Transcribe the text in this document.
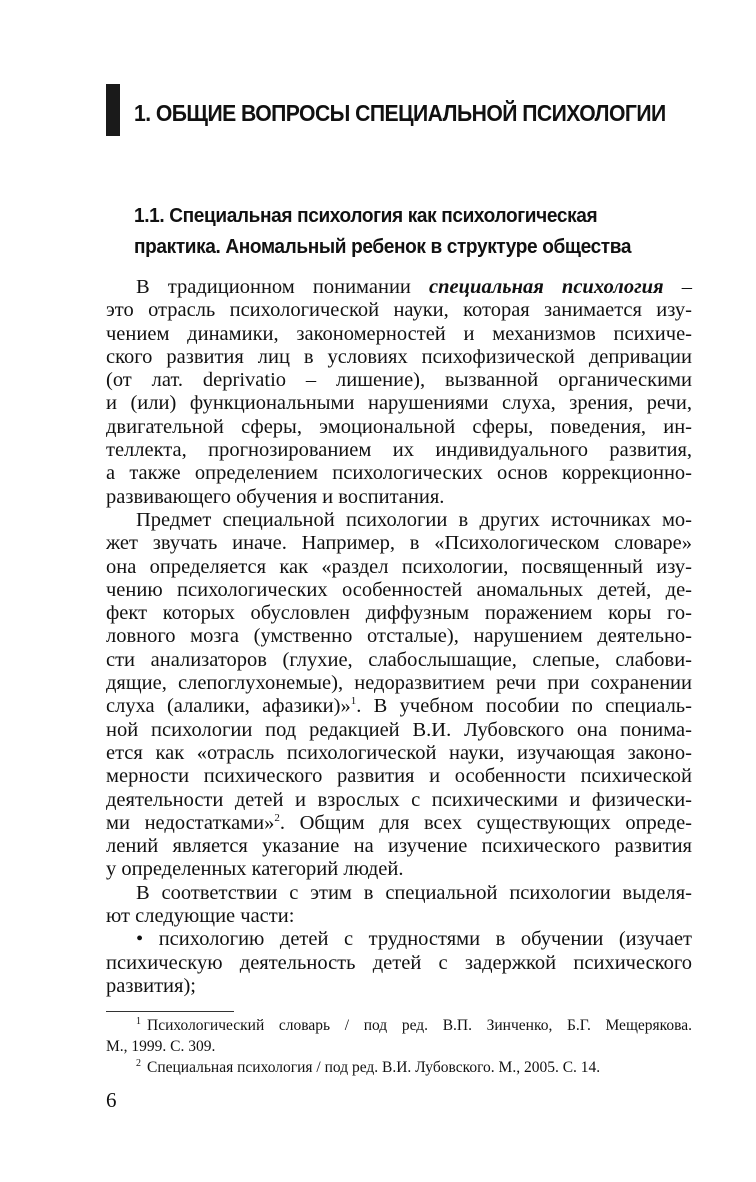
1. ОБЩИЕ ВОПРОСЫ СПЕЦИАЛЬНОЙ ПСИХОЛОГИИ
1.1. Специальная психология как психологическая
практика. Аномальный ребенок в структуре общества
В традиционном понимании специальная психология –
это отрасль психологической науки, которая занимается изу-
чением динамики, закономерностей и механизмов психиче-
ского развития лиц в условиях психофизической депривации
(от лат. deprivatio – лишение), вызванной органическими
и (или) функциональными нарушениями слуха, зрения, речи,
двигательной сферы, эмоциональной сферы, поведения, ин-
теллекта, прогнозированием их индивидуального развития,
а также определением психологических основ коррекционно-
развивающего обучения и воспитания.
Предмет специальной психологии в других источниках мо-
жет звучать иначе. Например, в «Психологическом словаре»
она определяется как «раздел психологии, посвященный изу-
чению психологических особенностей аномальных детей, де-
фект которых обусловлен диффузным поражением коры го-
ловного мозга (умственно отсталые), нарушением деятельно-
сти анализаторов (глухие, слабослышащие, слепые, слабови-
дящие, слепоглухонемые), недоразвитием речи при сохранении
слуха (алалики, афазики)»$^1$. В учебном пособии по специаль-
ной психологии под редакцией В.И. Лубовского она понима-
ется как «отрасль психологической науки, изучающая законо-
мерности психического развития и особенности психической
деятельности детей и взрослых с психическими и физически-
ми недостатками»$^2$. Общим для всех существующих опреде-
лений является указание на изучение психического развития
у определенных категорий людей.
В соответствии с этим в специальной психологии выделя-
ют следующие части:
• психологию детей с трудностями в обучении (изучает
психическую деятельность детей с задержкой психического
развития);
$^1$ Психологический словарь / под ред. В.П. Зинченко, Б.Г. Мещерякова.
М., 1999. С. 309.
$^2$ Специальная психология / под ред. В.И. Лубовского. М., 2005. С. 14.
6
